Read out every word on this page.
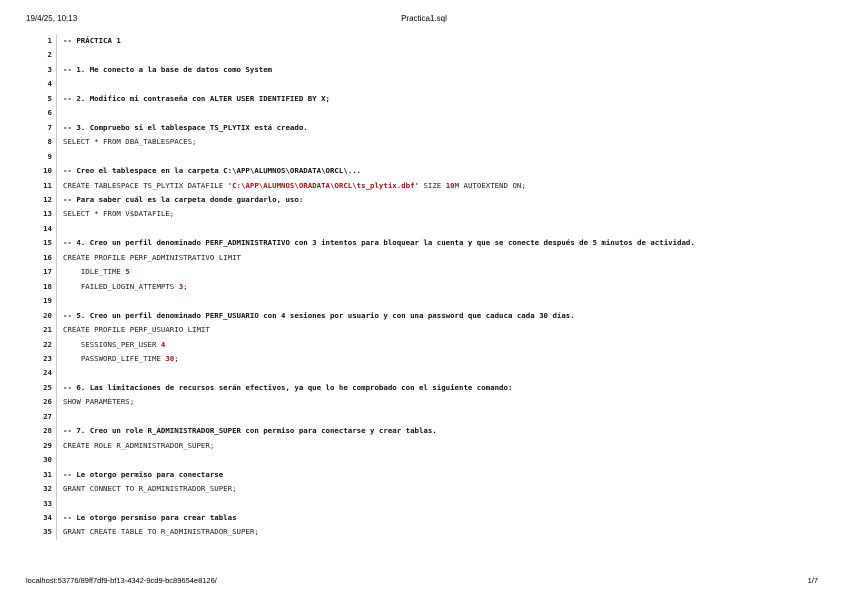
19/4/25, 10:13	Practica1.sql
1	-- PRÁCTICA 1
2

3	-- 1. Me conecto a la base de datos como System
4

5	-- 2. Modifico mi contraseña con ALTER USER IDENTIFIED BY X;
6

7	-- 3. Compruebo si el tablespace TS_PLYTIX está creado.
8	SELECT * FROM DBA_TABLESPACES;
9

10	-- Creo el tablespace en la carpeta C:\APP\ALUMNOS\ORADATA\ORCL\...
11	CREATE TABLESPACE TS_PLYTIX DATAFILE 'C:\APP\ALUMNOS\ORADATA\ORCL\ts_plytix.dbf' SIZE 10M AUTOEXTEND ON;
12	-- Para saber cuál es la carpeta donde guardarlo, uso:
13	SELECT * FROM V$DATAFILE;
14

15	-- 4. Creo un perfil denominado PERF_ADMINISTRATIVO con 3 intentos para bloquear la cuenta y que se conecte después de 5 minutos de actividad.
16	CREATE PROFILE PERF_ADMINISTRATIVO LIMIT
17	IDLE_TIME 5
18	FAILED_LOGIN_ATTEMPTS 3;
19

20	-- 5. Creo un perfil denominado PERF_USUARIO con 4 sesiones por usuario y con una password que caduca cada 30 días.
21	CREATE PROFILE PERF_USUARIO LIMIT
22	SESSIONS_PER_USER 4
23	PASSWORD_LIFE_TIME 30;
24

25	-- 6. Las limitaciones de recursos serán efectivos, ya que lo he comprobado con el siguiente comando:
26	SHOW PARAMETERS;
27

28	-- 7. Creo un role R_ADMINISTRADOR_SUPER con permiso para conectarse y crear tablas.
29	CREATE ROLE R_ADMINISTRADOR_SUPER;
30

31	-- Le otorgo permiso para conectarse
32	GRANT CONNECT TO R_ADMINISTRADOR_SUPER;
33

34	-- Le otorgo persmiso para crear tablas
35	GRANT CREATE TABLE TO R_ADMINISTRADOR_SUPER;
localhost:53776/89ff7df9-bf13-4342-9cd9-bc89654e8126/	1/7
